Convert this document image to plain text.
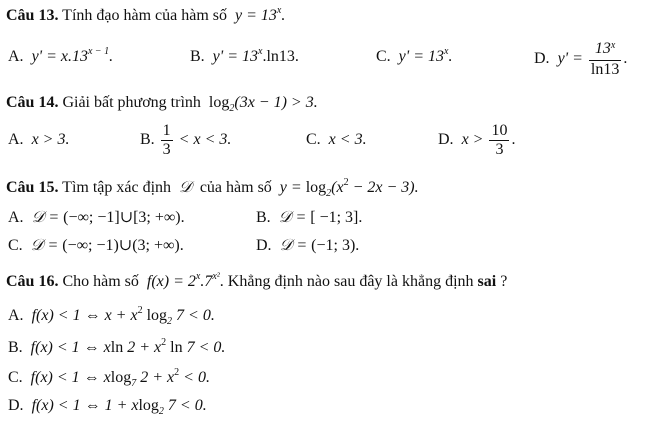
Câu 13. Tính đạo hàm của hàm số  $y = 13^x$.
A.  $y' = x.13^{x - 1}$.	B.  $y' = 13^x.\ln 13$.	C.  $y' = 13^x$.	D.  $y' = \frac{13^x}{\ln 13}$ .
Câu 14. Giải bất phương trình $\log_2(3x - 1) > 3$.
A.  x > 3.	B. $\frac{1}{3} < x < 3$.	C.  x < 3.	D.  $x > \frac{10}{3}$ .
Câu 15. Tìm tập xác định  𝒟  của hàm số  $y = \log_2(x^2 - 2x - 3)$.
A.  𝒟 = (−∞; −1]∪[3; +∞).	B.  𝒟 = [ −1; 3].
C.  𝒟 = (−∞; −1)∪(3; +∞).	D.  𝒟 = (−1; 3).
Câu 16. Cho hàm số  $f(x) = 2^x.7^{x^2}$. Khẳng định nào sau đây là khẳng định sai ?
A.  f(x) < 1 ⇔ $x + x^2$ $\log_2 7 < 0$.
B.  f(x) < 1 ⇔ xln $2 + x^2$ ln 7 < 0.
C.  f(x) < 1 ⇔ xlog$_7$ $2 + x^2 < 0$.
D.  f(x) < 1 ⇔ 1 + xlog$_2$ 7 < 0.
